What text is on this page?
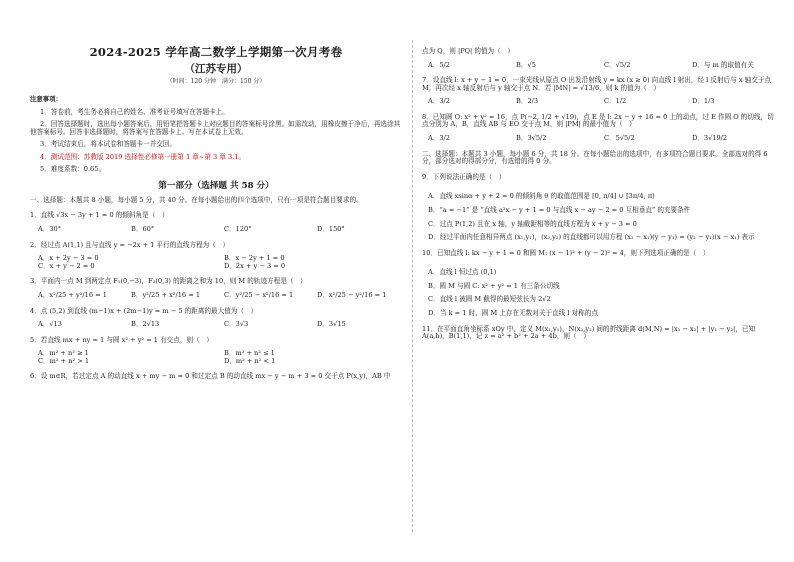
2024-2025 学年高二数学上学期第一次月考卷
（江苏专用）
（时间：120 分钟　满分：150 分）
注意事项：
1．答卷前，考生务必将自己的姓名、准考证号填写在答题卡上。
2．回答选择题时，选出每小题答案后，用铅笔把答题卡上对应题目的答案标号涂黑。如需改动，用橡皮擦干净后，再选涂其他答案标号。回答非选择题时，将答案写在答题卡上。写在本试卷上无效。
3．考试结束后，将本试卷和答题卡一并交回。
4．测试范围：苏教版 2019 选择性必修第一册第 1 章~第 3 章 3.1。
5．难度系数：0.65。
第一部分（选择题 共 58 分）
一、选择题：本题共 8 小题，每小题 5 分，共 40 分。在每小题给出的四个选项中，只有一项是符合题目要求的。
1．直线 √3x − 3y + 1 = 0 的倾斜角是（　）
A．30°	B．60°	C．120°	D．150°
2．经过点 A(1,1) 且与直线 y = −2x + 1 平行的直线方程为（　）
A．x + 2y − 3 = 0	B．x − 2y + 1 = 0
C．x + y − 2 = 0	D．2x + y − 3 = 0
3．平面内一点 M 到两定点 F₁(0,−3)，F₂(0,3) 的距离之和为 10，则 M 的轨迹方程是（　）
A．x²/25 + y²/16 = 1	B．y²/25 + x²/16 = 1	C．y²/25 − x²/16 = 1	D．x²/25 − y²/16 = 1
4．点 (5,2) 到直线 (m−1)x + (2m−1)y = m − 5 的距离的最大值为（　）
A．√13	B．2√13	C．3√3	D．3√15
5．若直线 mx + ny = 1 与圆 x² + y² = 1 有交点，则（　）
A．m² + n² ≥ 1	B．m² + n² ≤ 1
C．m² + n² > 1	D．m² + n² < 1
6．设 m∈R，若过定点 A 的动直线 x + my − m = 0 和过定点 B 的动直线 mx − y − m + 3 = 0 交于点 P(x,y)，AB 中
点为 Q，则 |PQ| 的值为（　）
A．5/2	B．√5	C．√5/2	D．与 m 的取值有关
7．设直线 l: x + y − 1 = 0，一束光线从原点 O 出发沿射线 y = kx (x ≥ 0) 向直线 l 射出，经 l 反射后与 x 轴交于点 M，再次经 x 轴反射后与 y 轴交于点 N．若 |MN| = √13/6，则 k 的值为（　）
A．3/2	B．2/3	C．1/2	D．1/3
8．已知圆 O: x² + y² = 16，点 P(−2, 1/2 + √19)，点 E 是 l: 2x − y + 16 = 0 上的动点，过 E 作圆 O 的切线，切点分别为 A，B，直线 AB 与 EO 交于点 M，则 |PM| 的最小值为（　）
A．3/2	B．3√5/2	C．5√5/2	D．3√19/2
二、选择题：本题共 3 小题，每小题 6 分，共 18 分。在每小题给出的选项中，有多项符合题目要求。全部选对的得 6 分，部分选对的得部分分，有选错的得 0 分。
9．下列说法正确的是（　）
A．直线 xsinα + y + 2 = 0 的倾斜角 θ 的取值范围是 [0, π/4] ∪ [3π/4, π)
B．“a = −1” 是 “直线 a²x − y + 1 = 0 与直线 x − ay − 2 = 0 互相垂直” 的充要条件
C．过点 P(1,2) 且在 x 轴，y 轴截距相等的直线方程为 x + y − 3 = 0
D．经过平面内任意相异两点 (x₁,y₁)，(x₂,y₂) 的直线都可以用方程 (x₂ − x₁)(y − y₁) = (y₂ − y₁)(x − x₁) 表示
10．已知直线 l: kx − y + 1 = 0 和圆 M: (x − 1)² + (y − 2)² = 4，则下列选项正确的是（　）
A．直线 l 恒过点 (0,1)
B．圆 M 与圆 C: x² + y² = 1 有三条公切线
C．直线 l 被圆 M 截得的最短弦长为 2√2
D．当 k = 1 时，圆 M 上存在无数对关于直线 l 对称的点
11．在平面直角坐标系 xOy 中，定义 M(x₁,y₁)，N(x₂,y₂) 间的折线距离 d(M,N) = |x₁ − x₂| + |y₁ − y₂|，已知 A(a,b)，B(1,1)，记 z = a² + b² + 2a + 4b，则（　）
